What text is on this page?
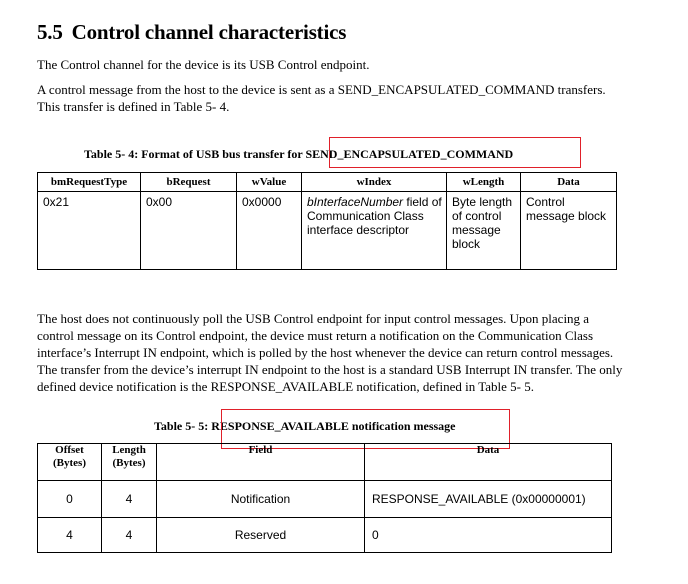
5.5 Control channel characteristics
The Control channel for the device is its USB Control endpoint.
A control message from the host to the device is sent as a SEND_ENCAPSULATED_COMMAND transfers. This transfer is defined in Table 5- 4.
Table 5- 4: Format of USB bus transfer for SEND_ENCAPSULATED_COMMAND
bmRequestType	bRequest	wValue	wIndex	wLength	Data
0x21	0x00	0x0000	bInterfaceNumber field of Communication Class interface descriptor	Byte length of control message block	Control message block
The host does not continuously poll the USB Control endpoint for input control messages. Upon placing a control message on its Control endpoint, the device must return a notification on the Communication Class interface’s Interrupt IN endpoint, which is polled by the host whenever the device can return control messages. The transfer from the device’s interrupt IN endpoint to the host is a standard USB Interrupt IN transfer. The only defined device notification is the RESPONSE_AVAILABLE notification, defined in Table 5- 5.
Table 5- 5: RESPONSE_AVAILABLE notification message
Offset (Bytes)	Length (Bytes)	Field	Data
0	4	Notification	RESPONSE_AVAILABLE (0x00000001)
4	4	Reserved	0
